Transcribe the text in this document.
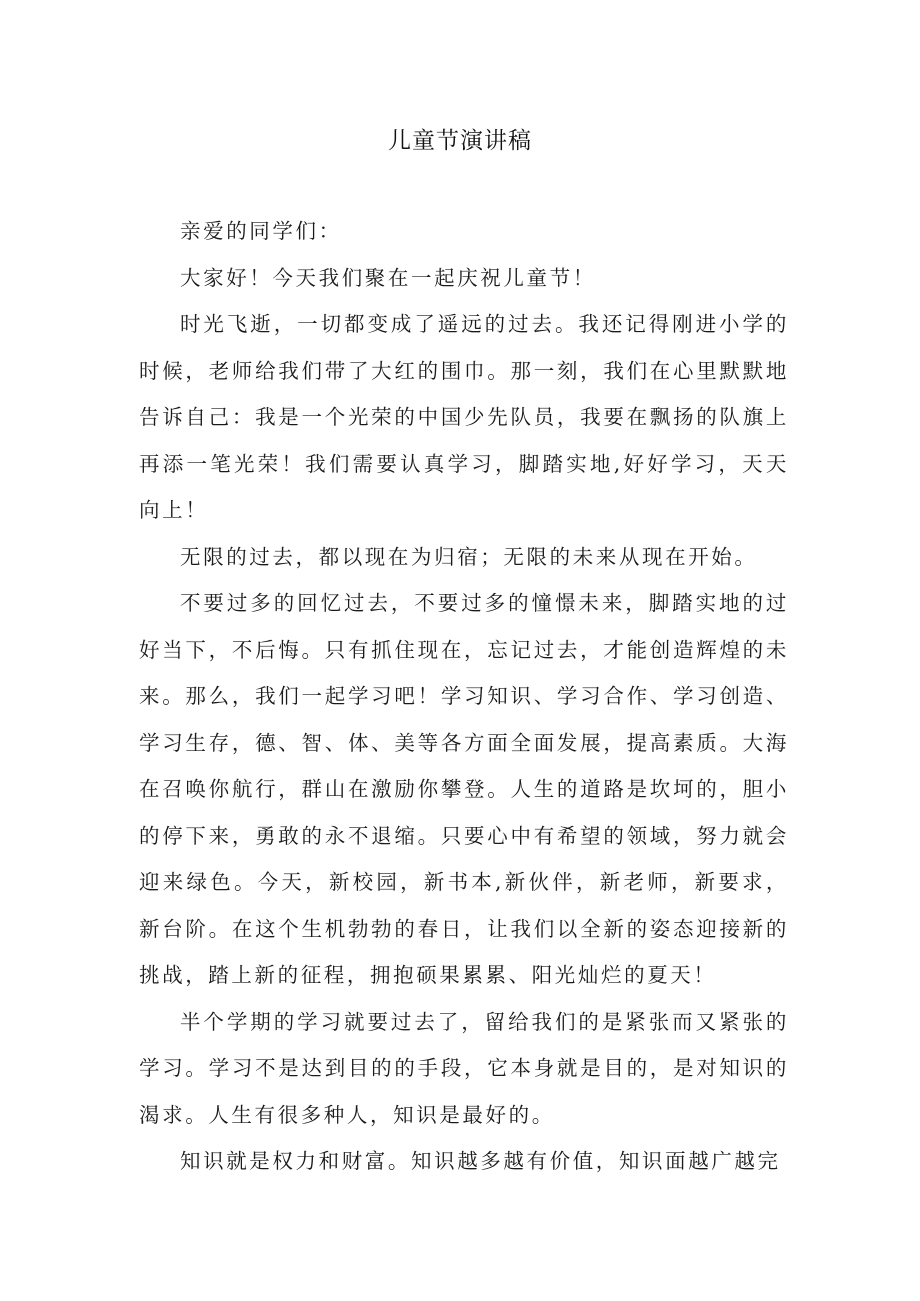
儿童节演讲稿

亲爱的同学们：

大家好！今天我们聚在一起庆祝儿童节！

时光飞逝，一切都变成了遥远的过去。我还记得刚进小学的时候，老师给我们带了大红的围巾。那一刻，我们在心里默默地告诉自己：我是一个光荣的中国少先队员，我要在飘扬的队旗上再添一笔光荣！我们需要认真学习，脚踏实地,好好学习，天天向上！

无限的过去，都以现在为归宿；无限的未来从现在开始。

不要过多的回忆过去，不要过多的憧憬未来，脚踏实地的过好当下，不后悔。只有抓住现在，忘记过去，才能创造辉煌的未来。那么，我们一起学习吧！学习知识、学习合作、学习创造、学习生存，德、智、体、美等各方面全面发展，提高素质。大海在召唤你航行，群山在激励你攀登。人生的道路是坎坷的，胆小的停下来，勇敢的永不退缩。只要心中有希望的领域，努力就会迎来绿色。今天，新校园，新书本,新伙伴，新老师，新要求，新台阶。在这个生机勃勃的春日，让我们以全新的姿态迎接新的挑战，踏上新的征程，拥抱硕果累累、阳光灿烂的夏天！

半个学期的学习就要过去了，留给我们的是紧张而又紧张的学习。学习不是达到目的的手段，它本身就是目的，是对知识的渴求。人生有很多种人，知识是最好的。

知识就是权力和财富。知识越多越有价值，知识面越广越完
